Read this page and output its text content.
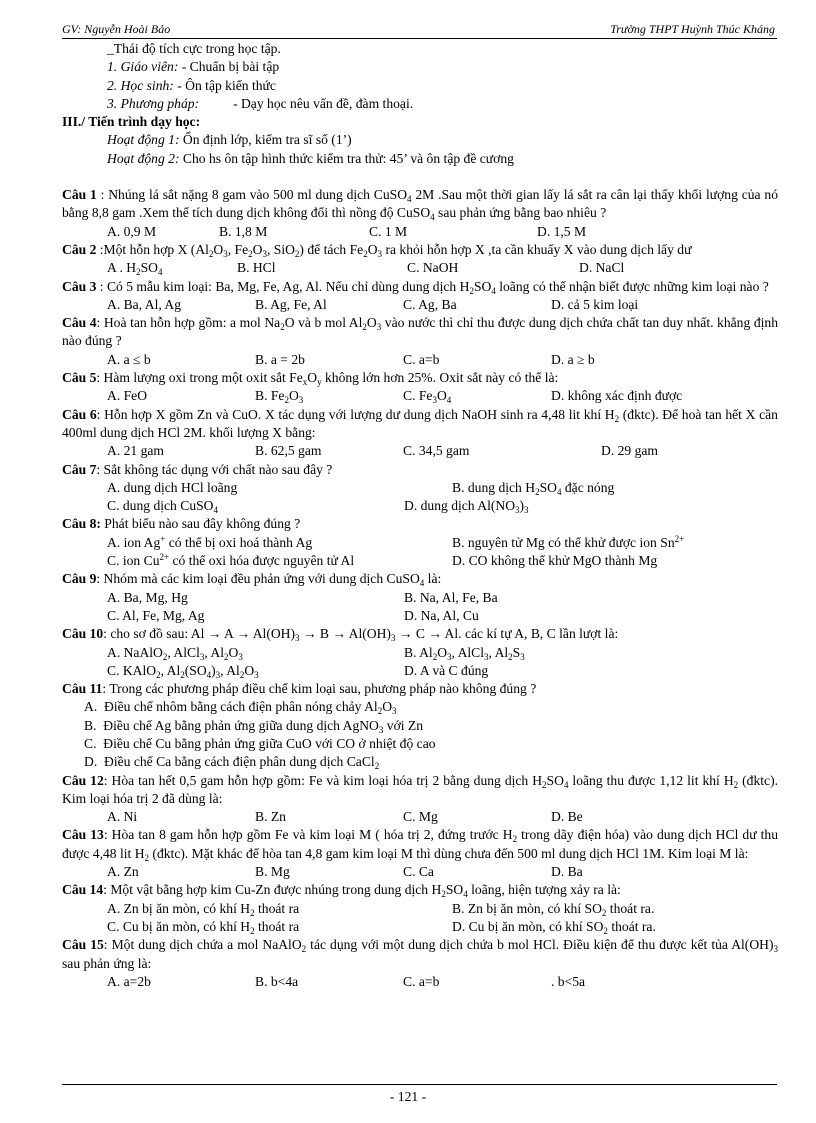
GV: Nguyễn Hoài Bảo	Trường THPT Huỳnh Thúc Kháng

_Thái độ tích cực trong học tập.

1. Giáo viên: - Chuẩn bị bài tập

2. Học sinh: - Ôn tập kiến thức

3. Phương pháp:          - Dạy học nêu vấn đề, đàm thoại.

III./ Tiến trình dạy học:

Hoạt động 1: Ổn định lớp, kiểm tra sĩ số (1’)

Hoạt động 2: Cho hs ôn tập hình thức kiểm tra thử: 45’ và ôn tập đề cương

Câu 1 : Nhúng lá sắt nặng 8 gam vào 500 ml dung dịch CuSO$_4$ 2M .Sau một thời gian lấy lá sắt ra cân lại thấy khối lượng của nó bằng 8,8 gam .Xem thể tích dung dịch không đổi thì nồng độ CuSO$_4$ sau phản ứng bằng bao nhiêu ?

A. 0,9 M	B. 1,8 M	C. 1 M	D. 1,5 M

Câu 2 :Một hỗn hợp X ($Al_2O_3$, $Fe_2O_3$, SiO$_2$) để tách $Fe_2O_3$ ra khỏi hỗn hợp X ,ta cần khuấy X vào dung dịch lấy dư

A . $H_2SO_4$	B. HCl	C. NaOH	D. NaCl

Câu 3 : Có 5 mẫu kim loại: Ba, Mg, Fe, Ag, Al. Nếu chỉ dùng dung dịch $H_2SO_4$ loãng có thể nhận biết được những kim loại nào ?

A. Ba, Al, Ag	B. Ag, Fe, Al	C. Ag, Ba	D. cả 5 kim loại

Câu 4: Hoà tan hỗn hợp gồm: a mol $Na_2O$ và b mol $Al_2O_3$ vào nước thì chỉ thu được dung dịch chứa chất tan duy nhất. khẳng định nào đúng ?

A. a ≤ b	B. a = 2b	C. a=b	D. a ≥ b

Câu 5: Hàm lượng oxi trong một oxit sắt $Fe_xO_y$ không lớn hơn 25%. Oxit sắt này có thể là:

A. FeO	B. $Fe_2O_3$	C. $Fe_3O_4$	D. không xác định được

Câu 6: Hỗn hợp X gồm Zn và CuO. X tác dụng với lượng dư dung dịch NaOH sinh ra 4,48 lit khí $H_2$ (đktc). Để hoà tan hết X cần 400ml dung dịch HCl 2M. khối lượng X bằng:

A. 21 gam	B. 62,5 gam	C. 34,5 gam	D. 29 gam

Câu 7: Sắt không tác dụng với chất nào sau đây ?

A. dung dịch HCl loãng	B. dung dịch $H_2SO_4$ đặc nóng
C. dung dịch CuSO$_4$	D. dung dịch $Al(NO_3)_3$

Câu 8: Phát biểu nào sau đây không đúng ?

A. ion Ag+ có thể bị oxi hoá thành Ag	B. nguyên tử Mg có thể khử được ion $Sn^{2+}$
C. ion $Cu^{2+}$ có thể oxi hóa được nguyên tử Al	D. CO không thể khử MgO thành Mg

Câu 9: Nhóm mà các kim loại đều phản ứng với dung dịch CuSO$_4$ là:

A. Ba, Mg, Hg	B. Na, Al, Fe, Ba
C. Al, Fe, Mg, Ag	D. Na, Al, Cu

Câu 10: cho sơ đồ sau: $Al \to A \to Al(OH)_3 \to B \to Al(OH)_3 \to C \to Al$. các kí tự A, B, C lần lượt là:

A. NaAlO$_2$, AlCl$_3$, $Al_2O_3$	B. $Al_2O_3$, AlCl$_3$, $Al_2S_3$
C. KAlO$_2$, $Al_2(SO_4)_3$, $Al_2O_3$	D. A và C đúng

Câu 11: Trong các phương pháp điều chế kim loại sau, phương pháp nào không đúng ?

A.  Điều chế nhôm bằng cách điện phân nóng chảy $Al_2O_3$

B.  Điều chế Ag bằng phản ứng giữa dung dịch AgNO$_3$ với Zn

C.  Điều chế Cu bằng phản ứng giữa CuO với CO ở nhiệt độ cao

D.  Điều chế Ca bằng cách điện phân dung dịch CaCl$_2$

Câu 12: Hòa tan hết 0,5 gam hỗn hợp gồm: Fe và kim loại hóa trị 2 bằng dung dịch $H_2SO_4$ loãng thu được 1,12 lit khí $H_2$ (đktc). Kim loại hóa trị 2 đã dùng là:

A. Ni	B. Zn	C. Mg	D. Be

Câu 13: Hòa tan 8 gam hỗn hợp gồm Fe và kim loại M ( hóa trị 2, đứng trước $H_2$ trong dãy điện hóa) vào dung dịch HCl dư thu được 4,48 lit $H_2$ (đktc). Mặt khác để hòa tan 4,8 gam kim loại M thì dùng chưa đến 500 ml dung dịch HCl 1M. Kim loại M là:

A. Zn	B. Mg	C. Ca	D. Ba

Câu 14: Một vật bằng hợp kim Cu-Zn được nhúng trong dung dịch $H_2SO_4$ loãng, hiện tượng xảy ra là:

A. Zn bị ăn mòn, có khí $H_2$ thoát ra	B. Zn bị ăn mòn, có khí $SO_2$ thoát ra.
C. Cu bị ăn mòn, có khí $H_2$ thoát ra	D. Cu bị ăn mòn, có khí $SO_2$ thoát ra.

Câu 15: Một dung dịch chứa a mol NaAlO$_2$ tác dụng với một dung dịch chứa b mol HCl. Điều kiện để thu được kết tủa $Al(OH)_3$ sau phản ứng là:

A. a=2b	B. b<4a	C. a=b	. b<5a
- 121 -
